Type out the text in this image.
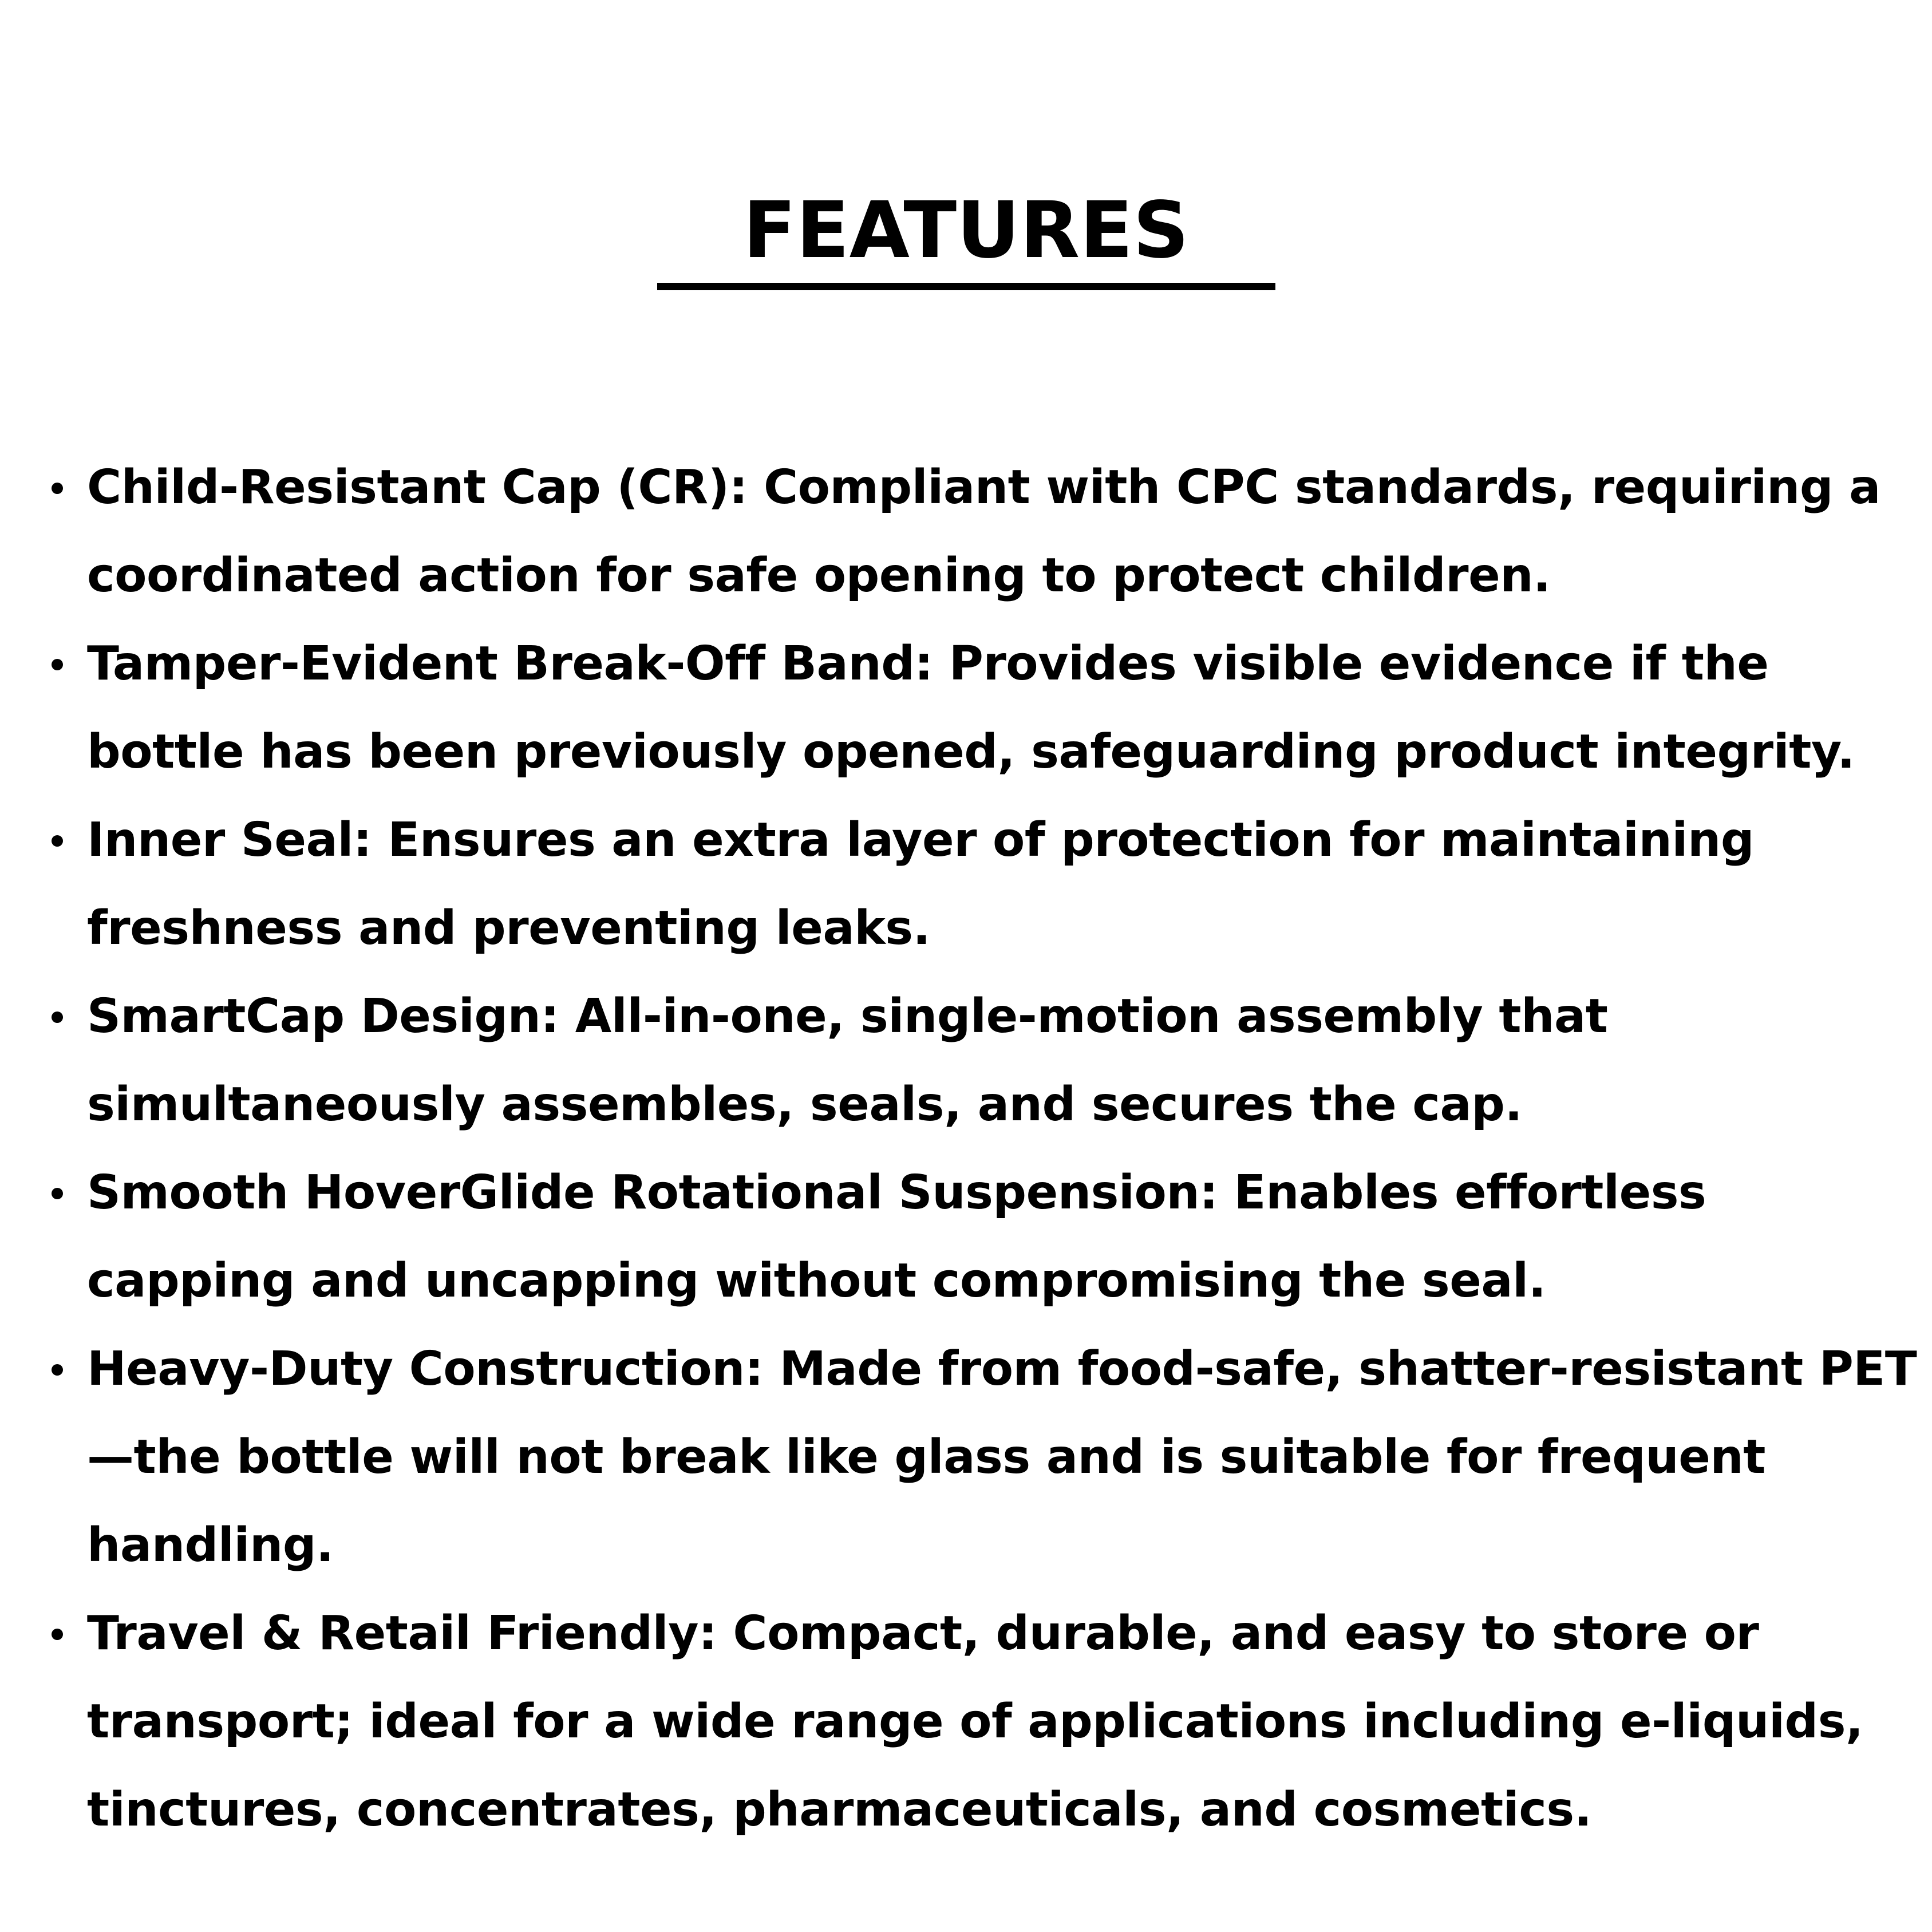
FEATURES
Child-Resistant Cap (CR): Compliant with CPC standards, requiring a coordinated action for safe opening to protect children.
Tamper-Evident Break-Off Band: Provides visible evidence if the bottle has been previously opened, safeguarding product integrity.
Inner Seal: Ensures an extra layer of protection for maintaining freshness and preventing leaks.
SmartCap Design: All-in-one, single-motion assembly that simultaneously assembles, seals, and secures the cap.
Smooth HoverGlide Rotational Suspension: Enables effortless capping and uncapping without compromising the seal.
Heavy-Duty Construction: Made from food-safe, shatter-resistant PET—the bottle will not break like glass and is suitable for frequent handling.
Travel & Retail Friendly: Compact, durable, and easy to store or transport; ideal for a wide range of applications including e-liquids, tinctures, concentrates, pharmaceuticals, and cosmetics.
